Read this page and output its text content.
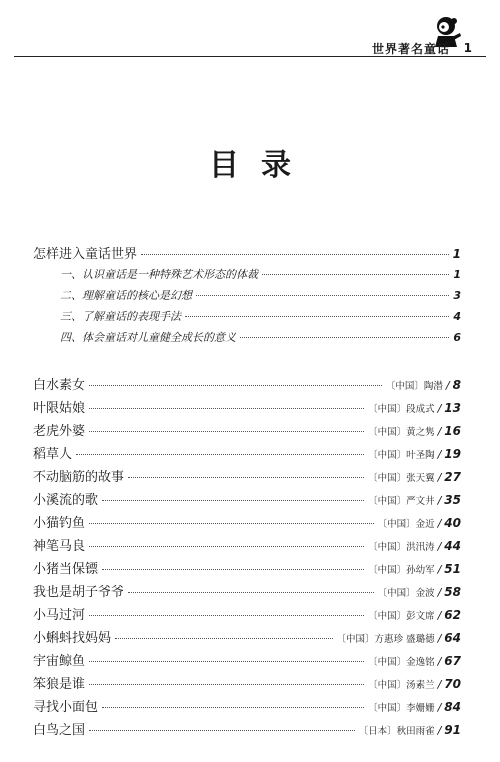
世界著名童话 1
目录
怎样进入童话世界	1
一、认识童话是一种特殊艺术形态的体裁	1
二、理解童话的核心是幻想	3
三、了解童话的表现手法	4
四、体会童话对儿童健全成长的意义	6
白水素女	〔中国〕陶潜 / 8
叶限姑娘	〔中国〕段成式 / 13
老虎外婆	〔中国〕黄之隽 / 16
稻草人	〔中国〕叶圣陶 / 19
不动脑筋的故事	〔中国〕张天翼 / 27
小溪流的歌	〔中国〕严文井 / 35
小猫钓鱼	〔中国〕金近 / 40
神笔马良	〔中国〕洪汛涛 / 44
小猪当保镖	〔中国〕孙幼军 / 51
我也是胡子爷爷	〔中国〕金波 / 58
小马过河	〔中国〕彭文席 / 62
小蝌蚪找妈妈	〔中国〕方惠珍 盛璐德 / 64
宇宙鲸鱼	〔中国〕金逸铭 / 67
笨狼是谁	〔中国〕汤素兰 / 70
寻找小面包	〔中国〕李姗姗 / 84
白鸟之国	〔日本〕秋田雨雀 / 91
